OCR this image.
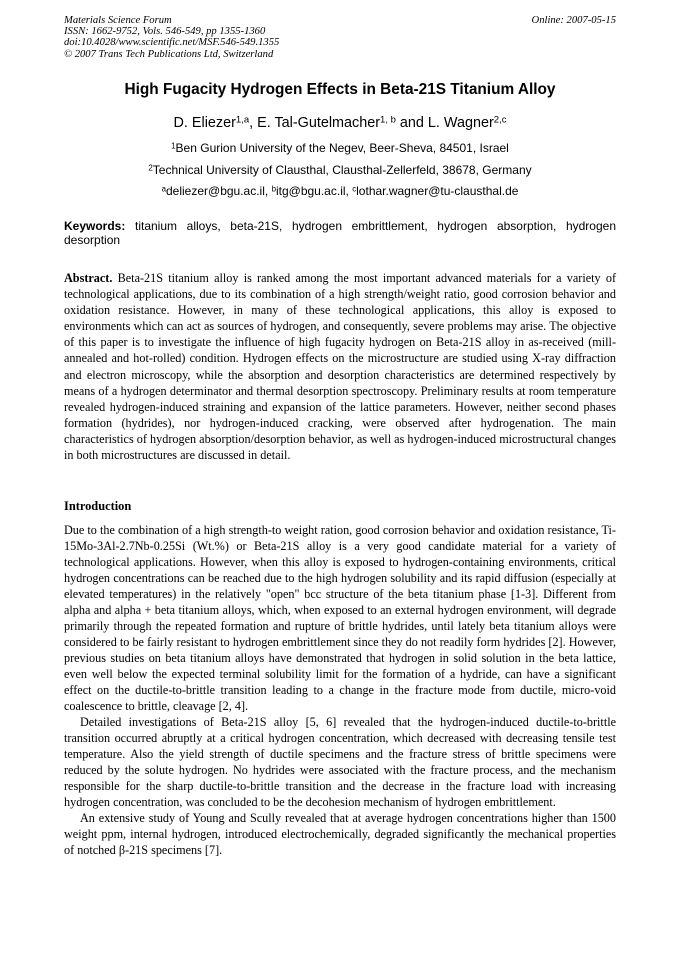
Materials Science Forum
ISSN: 1662-9752, Vols. 546-549, pp 1355-1360
doi:10.4028/www.scientific.net/MSF.546-549.1355
© 2007 Trans Tech Publications Ltd, Switzerland
Online: 2007-05-15
High Fugacity Hydrogen Effects in Beta-21S Titanium Alloy
D. Eliezer$^{1,a}$, E. Tal-Gutelmacher$^{1, b}$ and L. Wagner$^{2,c}$
$^1$Ben Gurion University of the Negev, Beer-Sheva, 84501, Israel
$^2$Technical University of Clausthal, Clausthal-Zellerfeld, 38678, Germany
$^a$deliezer@bgu.ac.il, $^b$itg@bgu.ac.il, $^c$lothar.wagner@tu-clausthal.de
Keywords: titanium alloys, beta-21S, hydrogen embrittlement, hydrogen absorption, hydrogen desorption
Abstract. Beta-21S titanium alloy is ranked among the most important advanced materials for a variety of technological applications, due to its combination of a high strength/weight ratio, good corrosion behavior and oxidation resistance. However, in many of these technological applications, this alloy is exposed to environments which can act as sources of hydrogen, and consequently, severe problems may arise. The objective of this paper is to investigate the influence of high fugacity hydrogen on Beta-21S alloy in as-received (mill-annealed and hot-rolled) condition. Hydrogen effects on the microstructure are studied using X-ray diffraction and electron microscopy, while the absorption and desorption characteristics are determined respectively by means of a hydrogen determinator and thermal desorption spectroscopy. Preliminary results at room temperature revealed hydrogen-induced straining and expansion of the lattice parameters. However, neither second phases formation (hydrides), nor hydrogen-induced cracking, were observed after hydrogenation. The main characteristics of hydrogen absorption/desorption behavior, as well as hydrogen-induced microstructural changes in both microstructures are discussed in detail.
Introduction

Due to the combination of a high strength-to weight ration, good corrosion behavior and oxidation resistance, Ti-15Mo-3Al-2.7Nb-0.25Si (Wt.%) or Beta-21S alloy is a very good candidate material for a variety of technological applications. However, when this alloy is exposed to hydrogen-containing environments, critical hydrogen concentrations can be reached due to the high hydrogen solubility and its rapid diffusion (especially at elevated temperatures) in the relatively "open" bcc structure of the beta titanium phase [1-3]. Different from alpha and alpha + beta titanium alloys, which, when exposed to an external hydrogen environment, will degrade primarily through the repeated formation and rupture of brittle hydrides, until lately beta titanium alloys were considered to be fairly resistant to hydrogen embrittlement since they do not readily form hydrides [2]. However, previous studies on beta titanium alloys have demonstrated that hydrogen in solid solution in the beta lattice, even well below the expected terminal solubility limit for the formation of a hydride, can have a significant effect on the ductile-to-brittle transition leading to a change in the fracture mode from ductile, micro-void coalescence to brittle, cleavage [2, 4].

Detailed investigations of Beta-21S alloy [5, 6] revealed that the hydrogen-induced ductile-to-brittle transition occurred abruptly at a critical hydrogen concentration, which decreased with decreasing tensile test temperature. Also the yield strength of ductile specimens and the fracture stress of brittle specimens were reduced by the solute hydrogen. No hydrides were associated with the fracture process, and the mechanism responsible for the sharp ductile-to-brittle transition and the decrease in the fracture load with increasing hydrogen concentration, was concluded to be the decohesion mechanism of hydrogen embrittlement.

An extensive study of Young and Scully revealed that at average hydrogen concentrations higher than 1500 weight ppm, internal hydrogen, introduced electrochemically, degraded significantly the mechanical properties of notched β-21S specimens [7].
